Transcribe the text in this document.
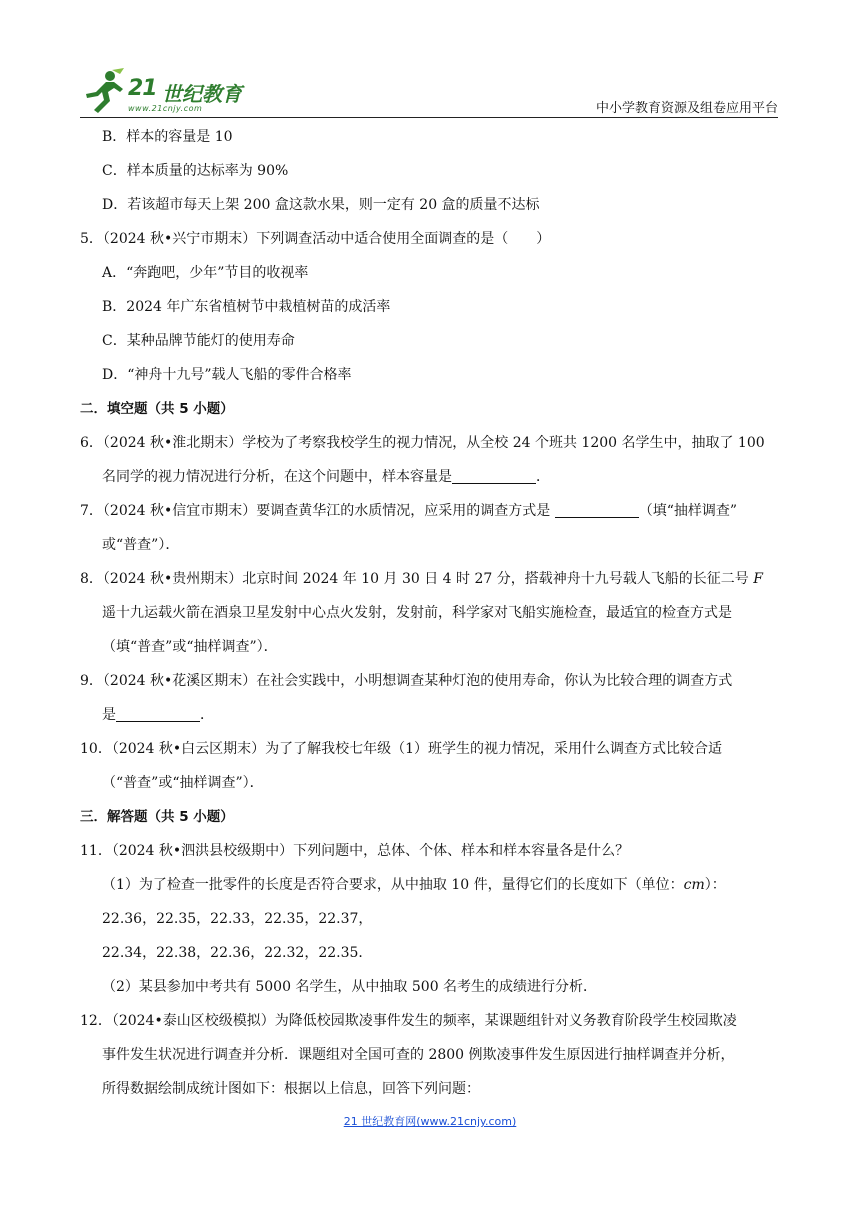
21 世纪教育
www.21cnjy.com	中小学教育资源及组卷应用平台
B．样本的容量是 10
C．样本质量的达标率为 90%
D．若该超市每天上架 200 盒这款水果，则一定有 20 盒的质量不达标
5．（2024 秋•兴宁市期末）下列调查活动中适合使用全面调查的是（　　）
A．“奔跑吧，少年”节目的收视率
B．2024 年广东省植树节中栽植树苗的成活率
C．某种品牌节能灯的使用寿命
D．“神舟十九号”载人飞船的零件合格率
二．填空题（共 5 小题）
6．（2024 秋•淮北期末）学校为了考察我校学生的视力情况，从全校 24 个班共 1200 名学生中，抽取了 100
名同学的视力情况进行分析，在这个问题中，样本容量是	．
7．（2024 秋•信宜市期末）要调查黄华江的水质情况，应采用的调查方式是	（填“抽样调查”
或“普查”）．
8．（2024 秋•贵州期末）北京时间 2024 年 10 月 30 日 4 时 27 分，搭载神舟十九号载人飞船的长征二号 F
遥十九运载火箭在酒泉卫星发射中心点火发射，发射前，科学家对飞船实施检查，最适宜的检查方式是
（填“普查”或“抽样调查”）．
9．（2024 秋•花溪区期末）在社会实践中，小明想调查某种灯泡的使用寿命，你认为比较合理的调查方式
是	．
10．（2024 秋•白云区期末）为了了解我校七年级（1）班学生的视力情况，采用什么调查方式比较合适
（“普查”或“抽样调查”）．
三．解答题（共 5 小题）
11．（2024 秋•泗洪县校级期中）下列问题中，总体、个体、样本和样本容量各是什么？
（1）为了检查一批零件的长度是否符合要求，从中抽取 10 件，量得它们的长度如下（单位：cm）：
22.36，22.35，22.33，22.35，22.37，
22.34，22.38，22.36，22.32，22.35．
（2）某县参加中考共有 5000 名学生，从中抽取 500 名考生的成绩进行分析．
12．（2024•泰山区校级模拟）为降低校园欺凌事件发生的频率，某课题组针对义务教育阶段学生校园欺凌
事件发生状况进行调查并分析．课题组对全国可查的 2800 例欺凌事件发生原因进行抽样调查并分析，
所得数据绘制成统计图如下：根据以上信息，回答下列问题：
21 世纪教育网(www.21cnjy.com)
